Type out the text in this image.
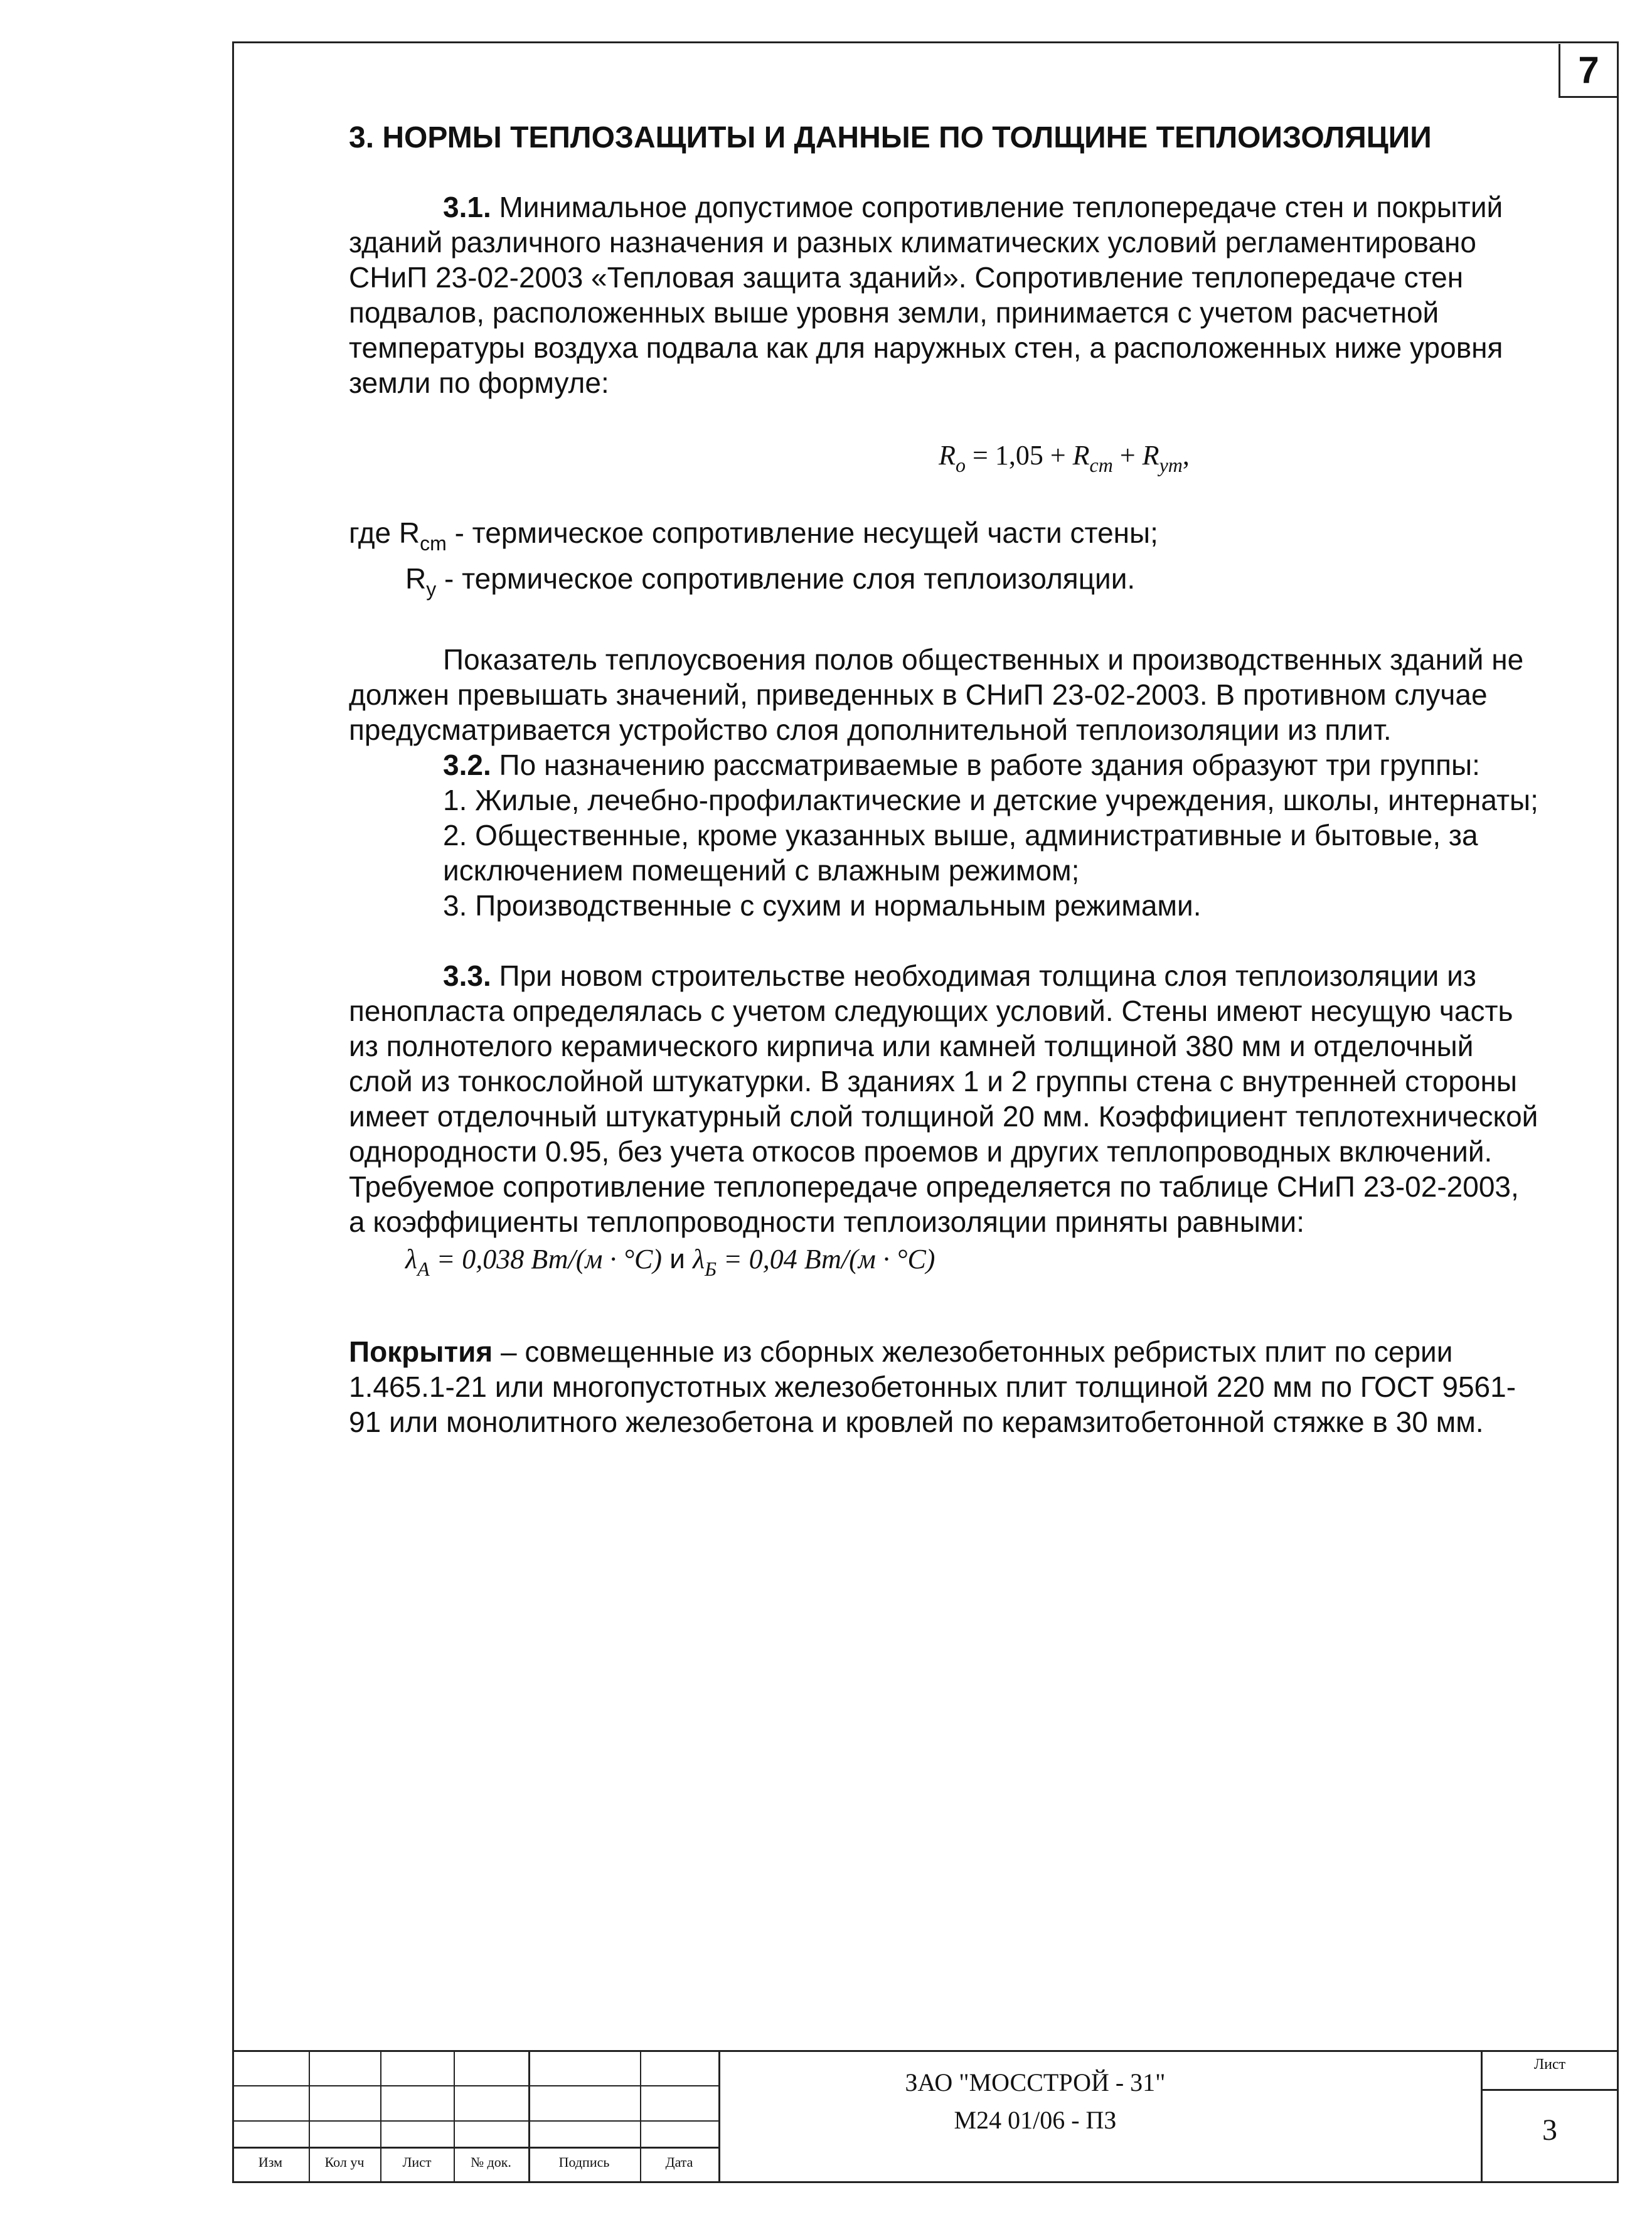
7

3. НОРМЫ ТЕПЛОЗАЩИТЫ И ДАННЫЕ ПО ТОЛЩИНЕ ТЕПЛОИЗОЛЯЦИИ

3.1. Минимальное допустимое сопротивление теплопередаче стен и покрытий зданий различного назначения и разных климатических условий регламентировано СНиП 23-02-2003 «Тепловая защита зданий». Сопротивление теплопередаче стен подвалов, расположенных выше уровня земли, принимается с учетом расчетной температуры воздуха подвала как для наружных стен, а расположенных ниже уровня земли по формуле:

$R_o = 1,05 + R_{cm} + R_{ym}$,

где $R_{cm}$ - термическое сопротивление несущей части стены;

$R_y$ - термическое сопротивление слоя теплоизоляции.

Показатель теплоусвоения полов общественных и производственных зданий не должен превышать значений, приведенных в СНиП 23-02-2003. В противном случае предусматривается устройство слоя дополнительной теплоизоляции из плит.

3.2. По назначению рассматриваемые в работе здания образуют три группы:

1. Жилые, лечебно-профилактические и детские учреждения, школы, интернаты;

2. Общественные, кроме указанных выше, административные и бытовые, за исключением помещений с влажным режимом;

3. Производственные с сухим и нормальным режимами.

3.3. При новом строительстве необходимая толщина слоя теплоизоляции из пенопласта определялась с учетом следующих условий. Стены имеют несущую часть из полнотелого керамического кирпича или камней толщиной 380 мм и отделочный слой из тонкослойной штукатурки. В зданиях 1 и 2 группы стена с внутренней стороны имеет отделочный штукатурный слой толщиной 20 мм. Коэффициент теплотехнической однородности 0.95, без учета откосов проемов и других теплопроводных включений. Требуемое сопротивление теплопередаче определяется по таблице СНиП 23-02-2003, а коэффициенты теплопроводности теплоизоляции приняты равными:

$\lambda_А = 0,038$ Вт/(м · °C) и $\lambda_Б = 0,04$ Вт/(м · °C)

Покрытия – совмещенные из сборных железобетонных ребристых плит по серии 1.465.1-21 или многопустотных железобетонных плит толщиной 220 мм по ГОСТ 9561-91 или монолитного железобетона и кровлей по керамзитобетонной стяжке в 30 мм.

Изм	Кол уч	Лист	№ док.	Подпись	Дата
ЗАО "МОССТРОЙ - 31"
М24 01/06 - ПЗ
Лист
3
